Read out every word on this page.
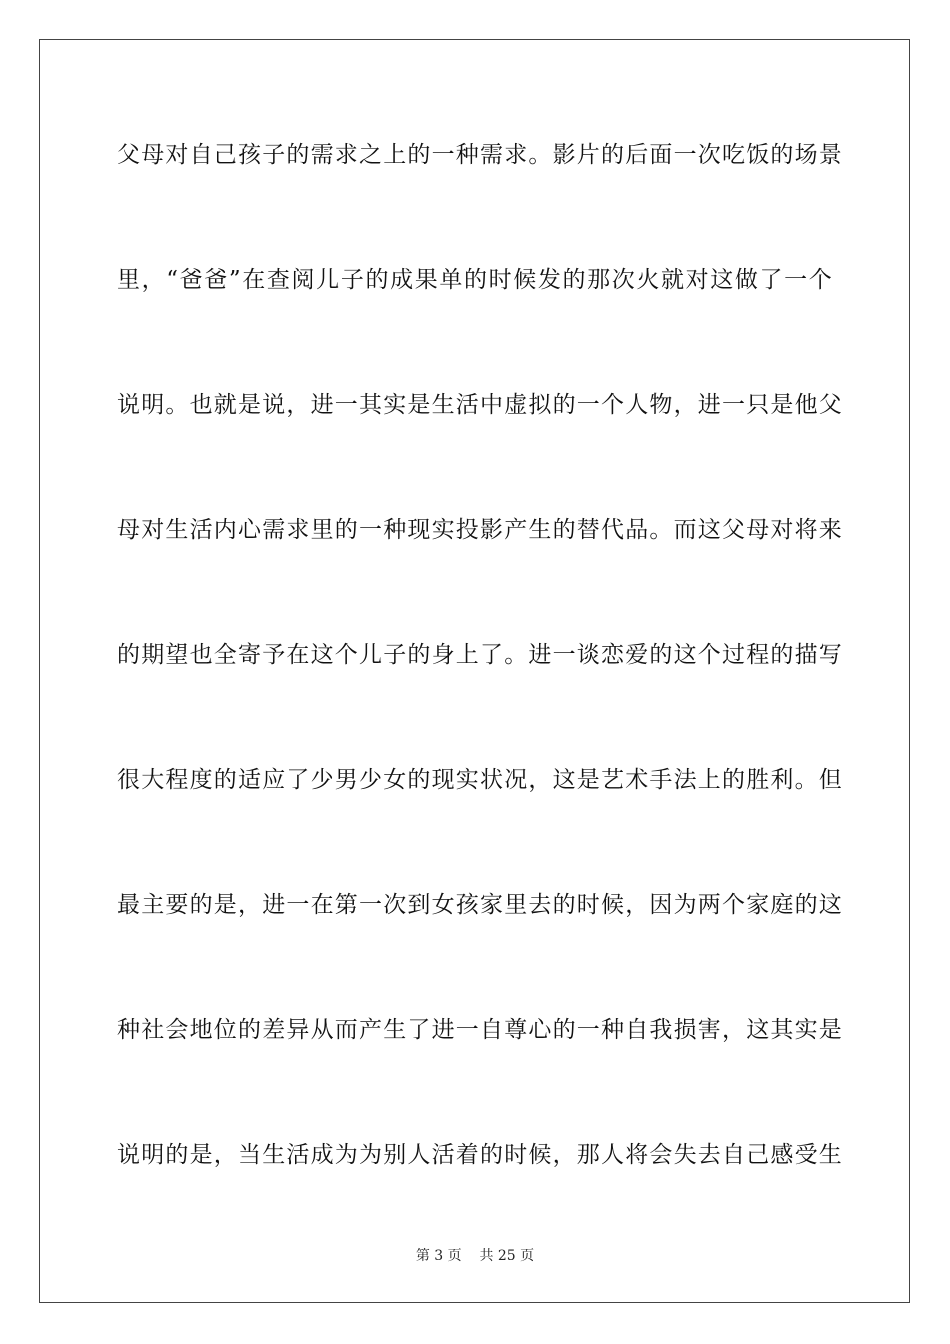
父母对自己孩子的需求之上的一种需求。影片的后面一次吃饭的场景
里，“爸爸”在查阅儿子的成果单的时候发的那次火就对这做了一个
说明。也就是说，进一其实是生活中虚拟的一个人物，进一只是他父
母对生活内心需求里的一种现实投影产生的替代品。而这父母对将来
的期望也全寄予在这个儿子的身上了。进一谈恋爱的这个过程的描写
很大程度的适应了少男少女的现实状况，这是艺术手法上的胜利。但
最主要的是，进一在第一次到女孩家里去的时候，因为两个家庭的这
种社会地位的差异从而产生了进一自尊心的一种自我损害，这其实是
说明的是，当生活成为为别人活着的时候，那人将会失去自己感受生
第 3 页 共 25 页
